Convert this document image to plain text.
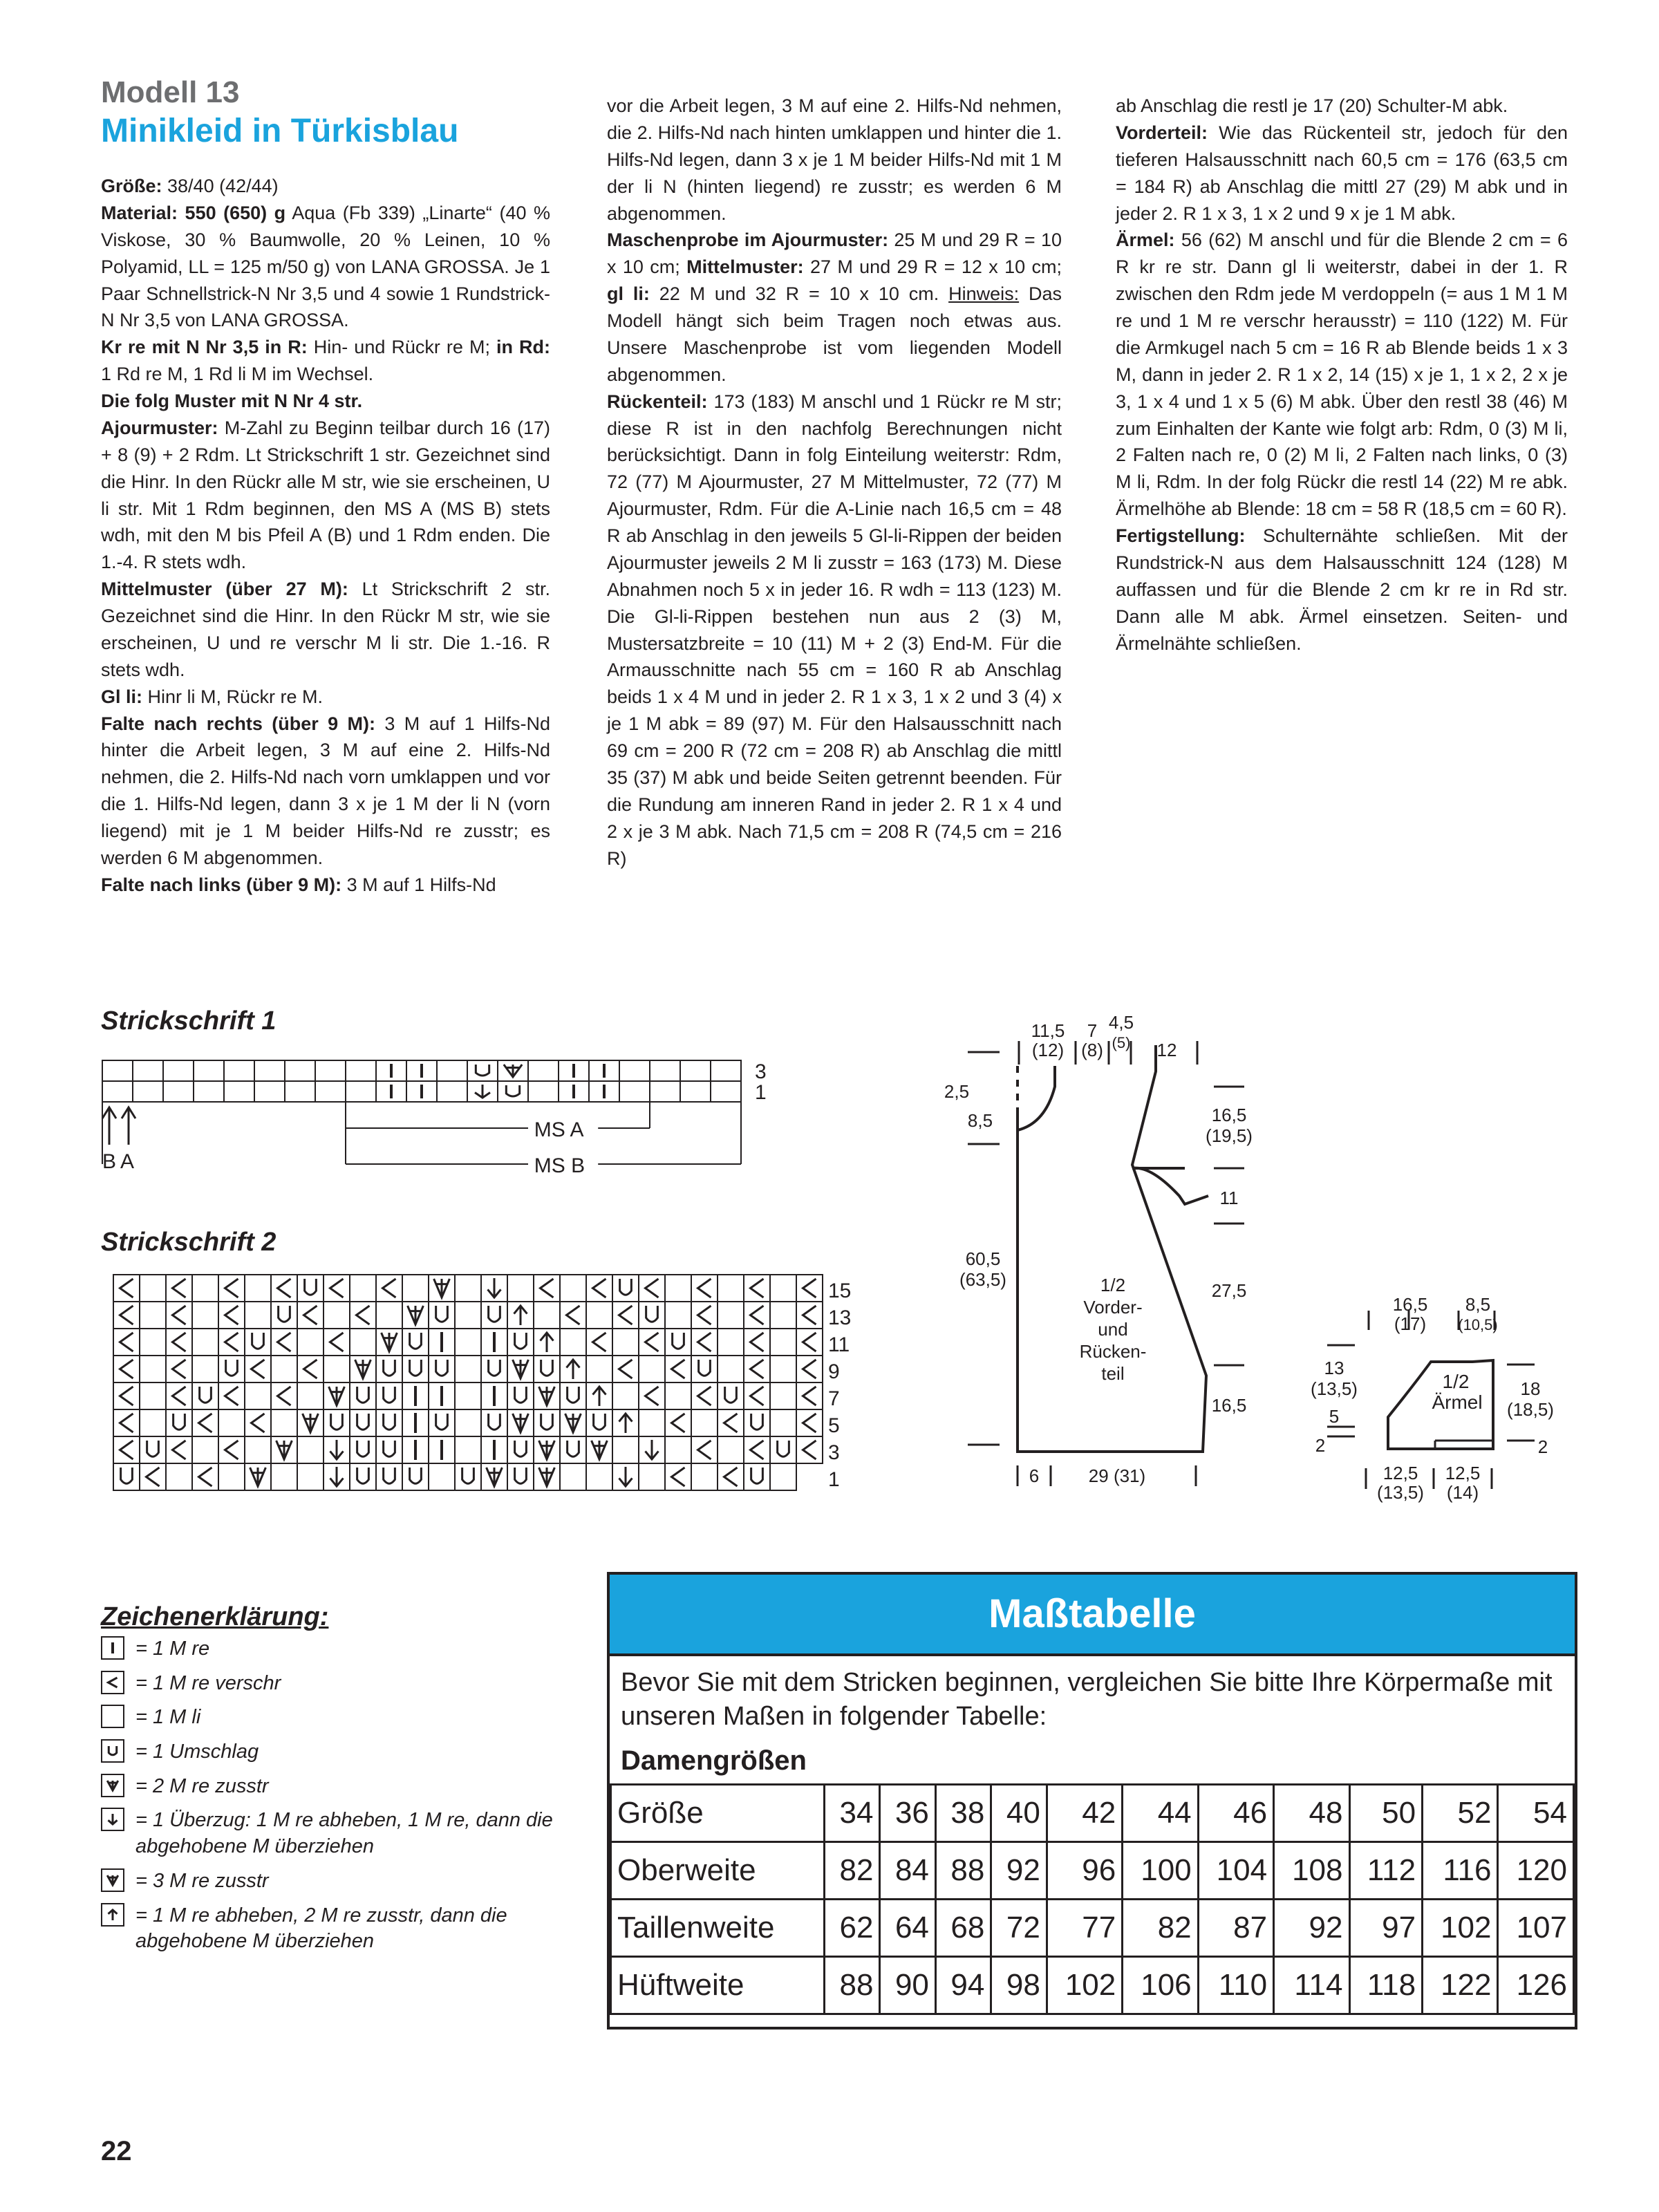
Modell 13
Minikleid in Türkisblau

Größe: 38/40 (42/44)

Material: 550 (650) g Aqua (Fb 339) „Linarte“ (40 % Viskose, 30 % Baumwolle, 20 % Leinen, 10 % Polyamid, LL = 125 m/50 g) von LANA GROSSA. Je 1 Paar Schnellstrick-N Nr 3,5 und 4 sowie 1 Rundstrick-N Nr 3,5 von LANA GROSSA.

Kr re mit N Nr 3,5 in R: Hin- und Rückr re M; in Rd: 1 Rd re M, 1 Rd li M im Wechsel.

Die folg Muster mit N Nr 4 str.

Ajourmuster: M-Zahl zu Beginn teilbar durch 16 (17) + 8 (9) + 2 Rdm. Lt Strickschrift 1 str. Gezeichnet sind die Hinr. In den Rückr alle M str, wie sie erscheinen, U li str. Mit 1 Rdm beginnen, den MS A (MS B) stets wdh, mit den M bis Pfeil A (B) und 1 Rdm enden. Die 1.-4. R stets wdh.

Mittelmuster (über 27 M): Lt Strickschrift 2 str. Gezeichnet sind die Hinr. In den Rückr M str, wie sie erscheinen, U und re verschr M li str. Die 1.-16. R stets wdh.

Gl li: Hinr li M, Rückr re M.

Falte nach rechts (über 9 M): 3 M auf 1 Hilfs-Nd hinter die Arbeit legen, 3 M auf eine 2. Hilfs-Nd nehmen, die 2. Hilfs-Nd nach vorn umklappen und vor die 1. Hilfs-Nd legen, dann 3 x je 1 M der li N (vorn liegend) mit je 1 M beider Hilfs-Nd re zusstr; es werden 6 M abgenommen.

Falte nach links (über 9 M): 3 M auf 1 Hilfs-Nd

vor die Arbeit legen, 3 M auf eine 2. Hilfs-Nd nehmen, die 2. Hilfs-Nd nach hinten umklappen und hinter die 1. Hilfs-Nd legen, dann 3 x je 1 M beider Hilfs-Nd mit 1 M der li N (hinten liegend) re zusstr; es werden 6 M abgenommen.

Maschenprobe im Ajourmuster: 25 M und 29 R = 10 x 10 cm; Mittelmuster: 27 M und 29 R = 12 x 10 cm; gl li: 22 M und 32 R = 10 x 10 cm. Hinweis: Das Modell hängt sich beim Tragen noch etwas aus. Unsere Maschenprobe ist vom liegenden Modell abgenommen.

Rückenteil: 173 (183) M anschl und 1 Rückr re M str; diese R ist in den nachfolg Berechnungen nicht berücksichtigt. Dann in folg Einteilung weiterstr: Rdm, 72 (77) M Ajourmuster, 27 M Mittelmuster, 72 (77) M Ajourmuster, Rdm. Für die A-Linie nach 16,5 cm = 48 R ab Anschlag in den jeweils 5 Gl-li-Rippen der beiden Ajourmuster jeweils 2 M li zusstr = 163 (173) M. Diese Abnahmen noch 5 x in jeder 16. R wdh = 113 (123) M. Die Gl-li-Rippen bestehen nun aus 2 (3) M, Mustersatzbreite = 10 (11) M + 2 (3) End-M. Für die Armausschnitte nach 55 cm = 160 R ab Anschlag beids 1 x 4 M und in jeder 2. R 1 x 3, 1 x 2 und 3 (4) x je 1 M abk = 89 (97) M. Für den Halsausschnitt nach 69 cm = 200 R (72 cm = 208 R) ab Anschlag die mittl 35 (37) M abk und beide Seiten getrennt beenden. Für die Rundung am inneren Rand in jeder 2. R 1 x 4 und 2 x je 3 M abk. Nach 71,5 cm = 208 R (74,5 cm = 216 R)

ab Anschlag die restl je 17 (20) Schulter-M abk.

Vorderteil: Wie das Rückenteil str, jedoch für den tieferen Halsausschnitt nach 60,5 cm = 176 (63,5 cm = 184 R) ab Anschlag die mittl 27 (29) M abk und in jeder 2. R 1 x 3, 1 x 2 und 9 x je 1 M abk.

Ärmel: 56 (62) M anschl und für die Blende 2 cm = 6 R kr re str. Dann gl li weiterstr, dabei in der 1. R zwischen den Rdm jede M verdoppeln (= aus 1 M 1 M re und 1 M re verschr herausstr) = 110 (122) M. Für die Armkugel nach 5 cm = 16 R ab Blende beids 1 x 3 M, dann in jeder 2. R 1 x 2, 14 (15) x je 1, 1 x 2, 2 x je 3, 1 x 4 und 1 x 5 (6) M abk. Über den restl 38 (46) M zum Einhalten der Kante wie folgt arb: Rdm, 0 (3) M li, 2 Falten nach re, 0 (2) M li, 2 Falten nach links, 0 (3) M li, Rdm. In der folg Rückr die restl 14 (22) M re abk. Ärmelhöhe ab Blende: 18 cm = 58 R (18,5 cm = 60 R).

Fertigstellung: Schulternähte schließen. Mit der Rundstrick-N aus dem Halsausschnitt 124 (128) M auffassen und für die Blende 2 cm kr re in Rd str. Dann alle M abk. Ärmel einsetzen. Seiten- und Ärmelnähte schließen.

Strickschrift 1
3
1
MS A
MS B
B A
Strickschrift 2
15
13
11
9
7
5
3
1
11,5
(12)
7
(8)
4,5
(5) 12
2,5
8,5
60,5
(63,5)
16,5
(19,5)
11
27,5
16,5
6	29 (31)
1/2
Vorder-
und
Rücken-
teil
16,5
(17)
8,5
(10,5)
13
(13,5)
5
2
18
(18,5)
2
12,5
(13,5)
12,5
(14)
1/2
Ärmel
Zeichenerklärung:
= 1 M re
= 1 M re verschr
= 1 M li
= 1 Umschlag
= 2 M re zusstr
= 1 Überzug: 1 M re abheben, 1 M re, dann die abgehobene M überziehen
= 3 M re zusstr
= 1 M re abheben, 2 M re zusstr, dann die abgehobene M überziehen
Maßtabelle
Bevor Sie mit dem Stricken beginnen, vergleichen Sie bitte Ihre Körpermaße mit unseren Maßen in folgender Tabelle:
Damengrößen
Größe	34	36	38	40	42	44	46	48	50	52	54
Oberweite	82	84	88	92	96	100	104	108	112	116	120
Taillenweite	62	64	68	72	77	82	87	92	97	102	107
Hüftweite	88	90	94	98	102	106	110	114	118	122	126
22
